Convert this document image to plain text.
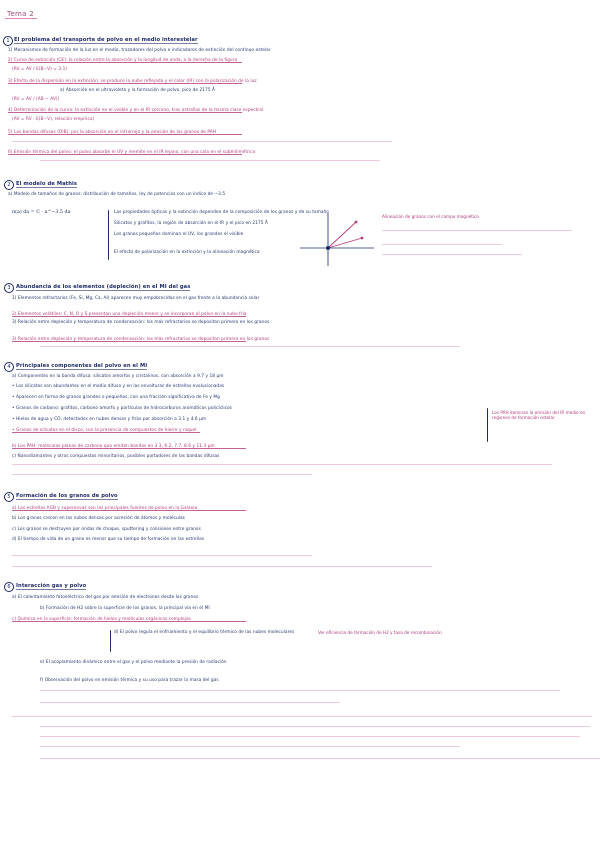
Tema 2
1 El problema del transporte de polvo en el medio interestelar
1) Mecanismos de formación de la luz en el medio, trazadores del polvo e indicadores de extinción del continuo estelar
2) Curva de extinción (CE): la relación entre la absorción y la longitud de onda, a la derecha de la figura
(RV = AV / E(B−V) = 3.1)
3) Efecto de la dispersión en la extinción: se produce la nube reflejada y el color (IR) con la polarización de la luz
a) Absorción en el ultravioleta y la formación de polvo, pico de 2175 Å
(RV = AV / (AB − AV))
4) Determinación de la curva: la extinción en el visible y en el IR cercano, tras estrellas de la misma clase espectral
(AV = RV · E(B−V), relación empírica)
5) Las bandas difusas (DIB), por la absorción en el infrarrojo y la emisión de los granos de PAH
6) Emisión térmica del polvo: el polvo absorbe el UV y reemite en el IR lejano, con una cola en el submilimétrico
2	El modelo de Mathis
a) Modelo de tamaños de granos: distribución de tamaños, ley de potencias con un índice de −3.5
n(a) da = C · a^−3.5 da	Las propiedades ópticas y la extinción dependen de la composición de los granos y de su tamaño
Silicatos y grafitos, la región de absorción en el IR y el pico en 2175 Å
Los granos pequeños dominan el UV, los grandes el visible
El efecto de polarización en la extinción y la alineación magnética
Alineación de granos con el campo magnético
3	Abundancia de los elementos (depleción) en el MI del gas
1) Elementos refractarios (Fe, Si, Mg, Ca, Al) aparecen muy empobrecidos en el gas frente a la abundancia solar
2) Elementos volátiles: C, N, O y S presentan una depleción menor y se incorporan al polvo en la nube fría
3) Relación entre depleción y temperatura de condensación: los más refractarios se depositan primero en los granos
3) Relación entre depleción y temperatura de condensación: los más refractarios se depositan primero en los granos
4	Principales componentes del polvo en el MI
a) Componentes en la banda difusa: silicatos amorfos y cristalinos, con absorción a 9.7 y 18 µm
• Los silicatos son abundantes en el medio difuso y en las envolturas de estrellas evolucionadas
• Aparecen en forma de granos grandes o pequeños, con una fracción significativa de Fe y Mg
• Granos de carbono: grafitos, carbono amorfo y partículas de hidrocarburos aromáticos policíclicos
• Hielos de agua y CO, detectados en nubes densas y frías por absorción a 3.1 y 4.6 µm
• Granos de silicatos en el disco, con la presencia de compuestos de hierro y níquel
Los PAH dominan la emisión del IR medio en regiones de formación estelar
b) Los PAH: moléculas planas de carbono que emiten bandas en 3.3, 6.2, 7.7, 8.6 y 11.3 µm
c) Nanodiamantes y otros compuestos minoritarios, posibles portadores de las bandas difusas
5	Formación de los granos de polvo
a) Las estrellas AGB y supernovas son las principales fuentes de polvo en la Galaxia
b) Los granos crecen en las nubes densas por acreción de átomos y moléculas
c) Los granos se destruyen por ondas de choque, sputtering y colisiones entre granos
d) El tiempo de vida de un grano es menor que su tiempo de formación en las estrellas
6	Interacción gas y polvo
a) El calentamiento fotoeléctrico del gas por emisión de electrones desde los granos
b) Formación de H2 sobre la superficie de los granos, la principal vía en el MI
c) Química en la superficie: formación de hielos y moléculas orgánicas complejas
d) El polvo regula el enfriamiento y el equilibrio térmico de las nubes moleculares	Ver eficiencia de formación de H2 y tasa de recombinación
e) El acoplamiento dinámico entre el gas y el polvo mediante la presión de radiación
f) Observación del polvo en emisión térmica y su uso para trazar la masa del gas
